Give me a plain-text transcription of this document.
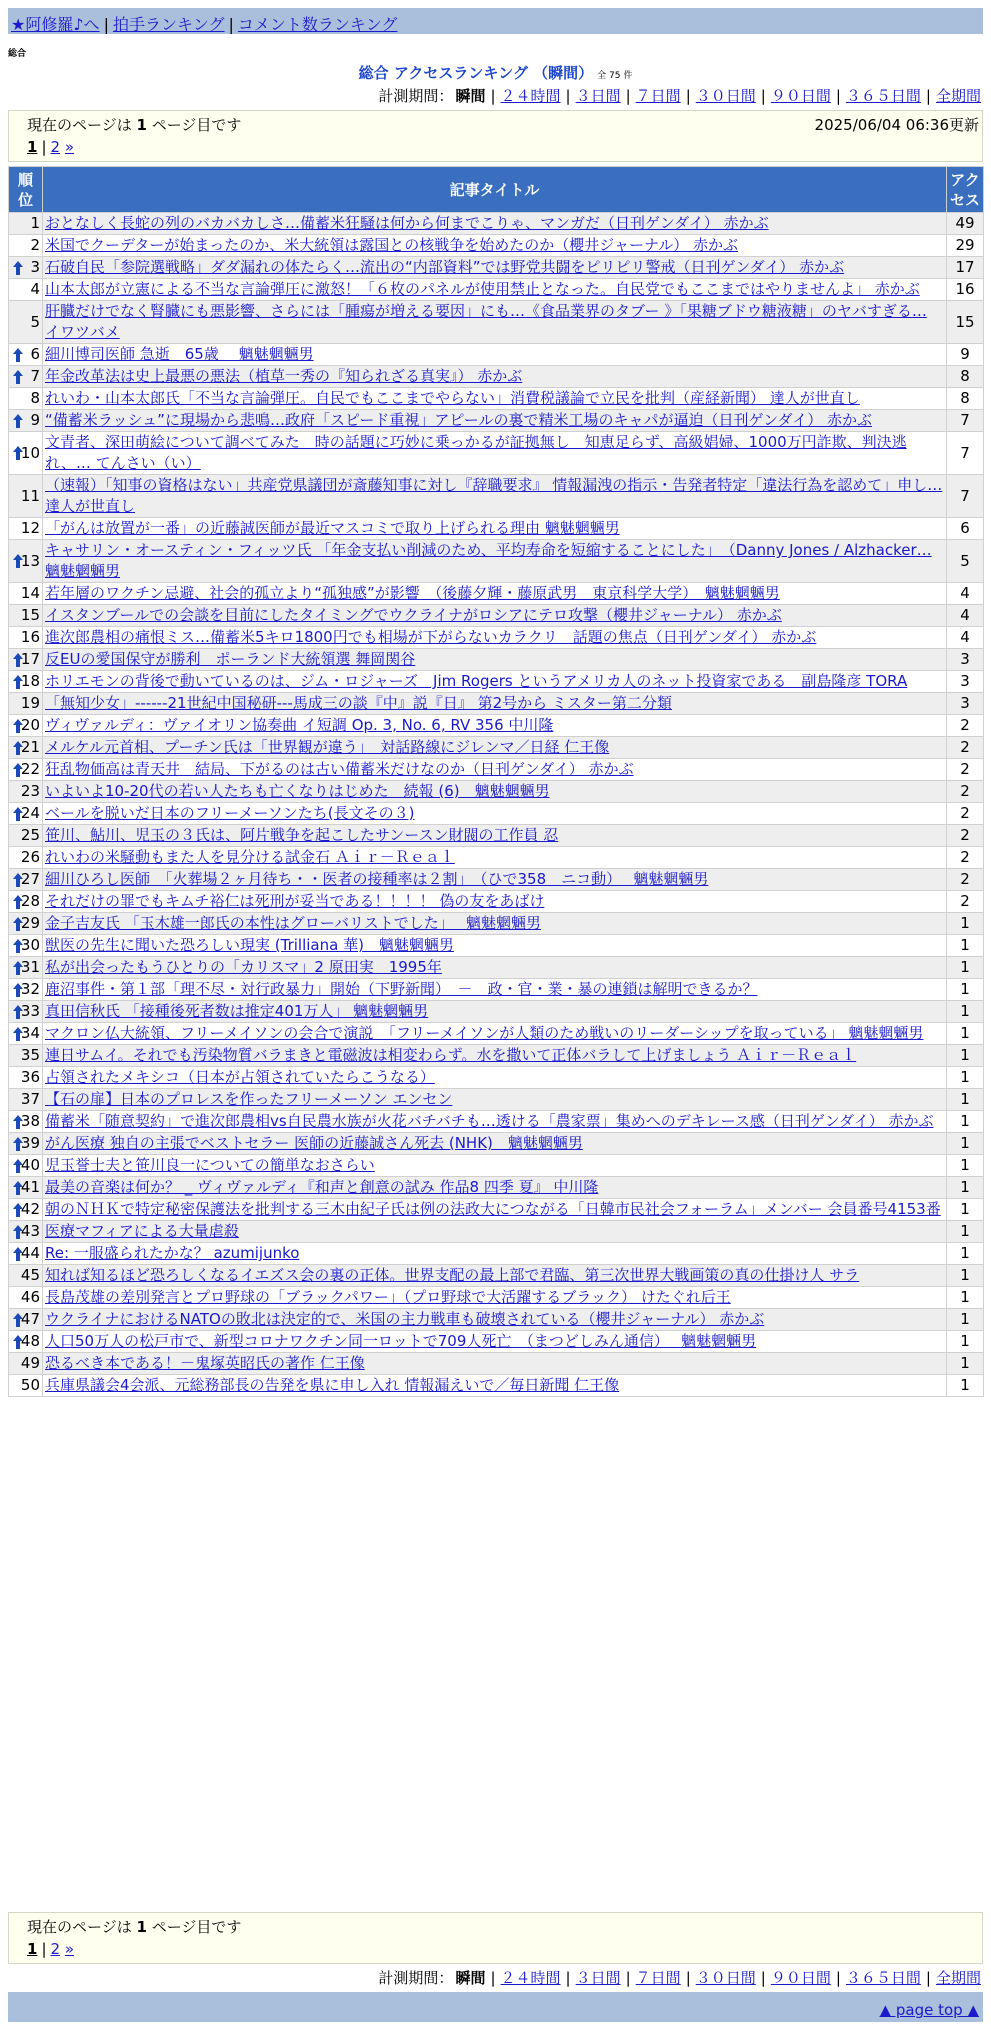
★阿修羅♪へ | 拍手ランキング | コメント数ランキング
総合
総合 アクセスランキング （瞬間） 全 75 件
計測期間： 瞬間 | ２４時間 | ３日間 | ７日間 | ３０日間 | ９０日間 | ３６５日間 | 全期間
現在のページは 1 ページ目です	2025/06/04 06:36更新
1 | 2 »
順位	記事タイトル	アクセス

1	おとなしく長蛇の列のバカバカしさ…備蓄米狂騒は何から何までこりゃ、マンガだ（日刊ゲンダイ） 赤かぶ	49
2	米国でクーデターが始まったのか、米大統領は露国との核戦争を始めたのか（櫻井ジャーナル） 赤かぶ	29

3	石破自民「参院選戦略」ダダ漏れの体たらく…流出の“内部資料”では野党共闘をピリピリ警戒（日刊ゲンダイ） 赤かぶ	17
4	山本太郎が立憲による不当な言論弾圧に激怒！「６枚のパネルが使用禁止となった。自民党でもここまではやりませんよ」 赤かぶ	16
5	肝臓だけでなく腎臓にも悪影響、さらには「腫瘍が増える要因」にも…《食品業界のタブー 》「果糖ブドウ糖液糖」のヤバすぎる… イワツバメ	15

6	細川博司医師 急逝　65歳　 魑魅魍魎男	9

7	年金改革法は史上最悪の悪法（植草一秀の『知られざる真実』） 赤かぶ	8
8	れいわ・山本太郎氏「不当な言論弾圧。自民でもここまでやらない」消費税議論で立民を批判（産経新聞） 達人が世直し	8

9	“備蓄米ラッシュ”に現場から悲鳴…政府「スピード重視」アピールの裏で精米工場のキャパが逼迫（日刊ゲンダイ） 赤かぶ	7

10	文青者、深田萌絵について調べてみた　時の話題に巧妙に乗っかるが証拠無し　知恵足らず、高級娼婦、1000万円詐欺、判決逃れ、… てんさい（い）	7
11	（速報）「知事の資格はない」共産党県議団が斎藤知事に対し『辞職要求』 情報漏洩の指示・告発者特定「違法行為を認めて」申し… 達人が世直し	7
12	「がんは放置が一番」の近藤誠医師が最近マスコミで取り上げられる理由 魑魅魍魎男	6

13	キャサリン・オースティン・フィッツ氏 「年金支払い削減のため、平均寿命を短縮することにした」　（Danny Jones / Alzhacker… 魑魅魍魎男	5
14	若年層のワクチン忌避、社会的孤立より“孤独感”が影響　（後藤夕輝・藤原武男　東京科学大学）　魑魅魍魎男	4
15	イスタンブールでの会談を目前にしたタイミングでウクライナがロシアにテロ攻撃（櫻井ジャーナル） 赤かぶ	4
16	進次郎農相の痛恨ミス…備蓄米5キロ1800円でも相場が下がらないカラクリ　話題の焦点（日刊ゲンダイ） 赤かぶ	4

17	反EUの愛国保守が勝利　ポーランド大統領選 舞岡関谷	3

18	ホリエモンの背後で動いているのは、ジム・ロジャーズ　Jim Rogers というアメリカ人のネット投資家である　副島隆彦 TORA	3
19	「無知少女」------21世紀中国秘研---馬成三の談『中』説『日』 第2号から ミスター第二分類	3

20	ヴィヴァルディ：ヴァイオリン協奏曲 イ短調 Op. 3, No. 6, RV 356 中川隆	2

21	メルケル元首相、プーチン氏は「世界観が違う」　対話路線にジレンマ／日経 仁王像	2

22	狂乱物価高は青天井　結局、下がるのは古い備蓄米だけなのか（日刊ゲンダイ） 赤かぶ	2
23	いよいよ10-20代の若い人たちも亡くなりはじめた　続報 (6)　魑魅魍魎男	2

24	ベールを脱いだ日本のフリーメーソンたち(長文その３)	2
25	笹川、鮎川、児玉の３氏は、阿片戦争を起こしたサンースン財閥の工作員 忍	2
26	れいわの米騒動もまた人を見分ける試金石 Ａｉｒ－Ｒｅａｌ	2

27	細川ひろし医師　「火葬場２ヶ月待ち・・医者の接種率は２割」　（ひで358　ニコ動）　 魑魅魍魎男	2

28	それだけの罪でもキムチ裕仁は死刑が妥当である！！！！ 偽の友をあばけ	2

29	金子吉友氏 「玉木雄一郎氏の本性はグローバリストでした」　 魑魅魍魎男	1

30	獣医の先生に聞いた恐ろしい現実 (Trilliana 華)　魑魅魍魎男	1

31	私が出会ったもうひとりの「カリスマ」2 原田実　1995年	1

32	鹿沼事件・第１部「理不尽・対行政暴力」開始（下野新聞）　－　政・官・業・暴の連鎖は解明できるか？	1

33	真田信秋氏 「接種後死者数は推定401万人」 魑魅魍魎男	1

34	マクロン仏大統領、フリーメイソンの会合で演説　「フリーメイソンが人類のため戦いのリーダーシップを取っている」 魑魅魍魎男	1
35	連日サムイ。それでも汚染物質バラまきと電磁波は相変わらず。水を撒いて正体バラして上げましょう Ａｉｒ－Ｒｅａｌ	1
36	占領されたメキシコ（日本が占領されていたらこうなる）	1
37	【石の扉】日本のプロレスを作ったフリーメーソン エンセン	1

38	備蓄米「随意契約」で進次郎農相vs自民農水族が火花バチバチも…透ける「農家票」集めへのデキレース感（日刊ゲンダイ） 赤かぶ	1

39	がん医療 独自の主張でベストセラー 医師の近藤誠さん死去 (NHK)　魑魅魍魎男	1

40	児玉誉士夫と笹川良一についての簡単なおさらい	1

41	最美の音楽は何か？ _ ヴィヴァルディ『和声と創意の試み 作品8 四季 夏』 中川隆	1

42	朝のＮＨＫで特定秘密保護法を批判する三木由紀子氏は例の法政大につながる「日韓市民社会フォーラム」メンバー 会員番号4153番	1

43	医療マフィアによる大量虐殺	1

44	Re: 一服盛られたかな？ azumijunko	1
45	知れば知るほど恐ろしくなるイエズス会の裏の正体。世界支配の最上部で君臨、第三次世界大戦画策の真の仕掛け人 サラ	1
46	長島茂雄の差別発言とプロ野球の「ブラックパワー」（プロ野球で大活躍するブラック） けたぐれ后王	1

47	ウクライナにおけるNATOの敗北は決定的で、米国の主力戦車も破壊されている（櫻井ジャーナル） 赤かぶ	1

48	人口50万人の松戸市で、新型コロナワクチン同一ロットで709人死亡　（まつどしみん通信）　 魑魅魍魎男	1
49	恐るべき本である！－鬼塚英昭氏の著作 仁王像	1
50	兵庫県議会4会派、元総務部長の告発を県に申し入れ 情報漏えいで／毎日新聞 仁王像	1
現在のページは 1 ページ目です
1 | 2 »
計測期間： 瞬間 | ２４時間 | ３日間 | ７日間 | ３０日間 | ９０日間 | ３６５日間 | 全期間
▲ page top ▲
